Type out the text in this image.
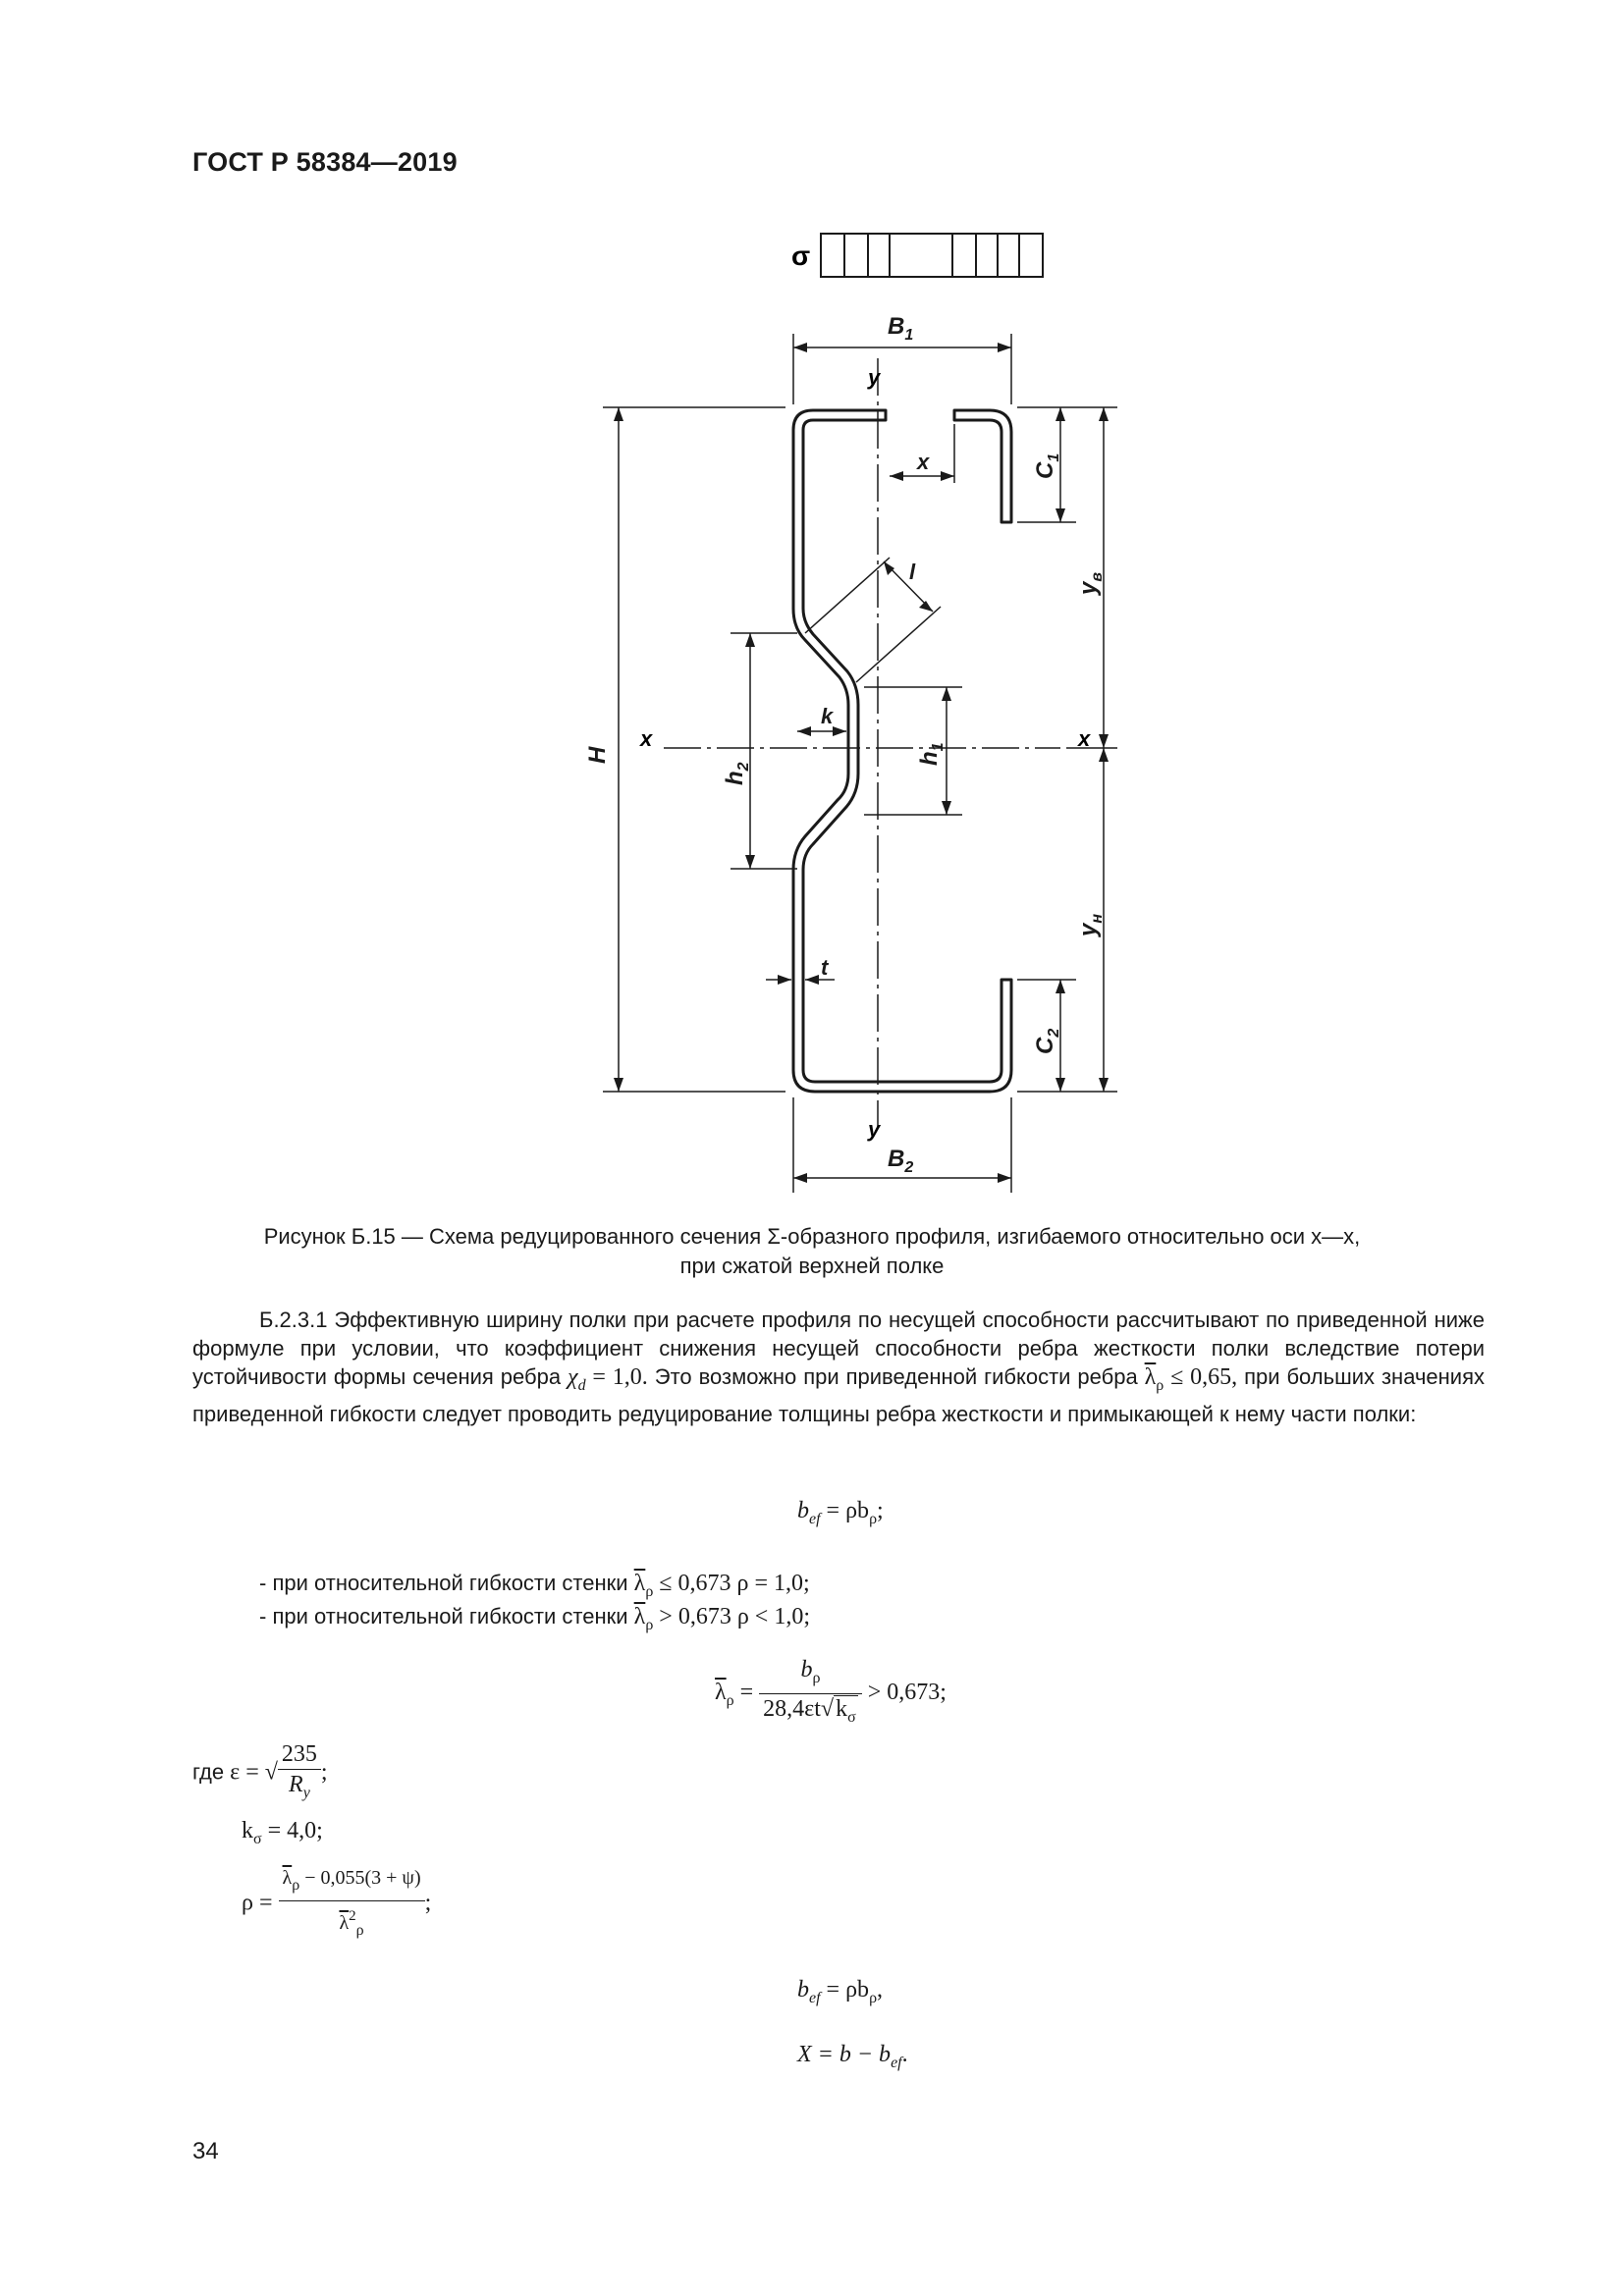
ГОСТ Р 58384—2019
σ
y
y
x	x
$B_1$
$B_2$
x
k
t
l
H
$C_1$
$C_2$
$y_в$
$y_н$
$h_1$
$h_2$
Рисунок Б.15 — Схема редуцированного сечения Σ-образного профиля, изгибаемого относительно оси x—x,
при сжатой верхней полке

Б.2.3.1 Эффективную ширину полки при расчете профиля по несущей способности рассчитывают по приведенной ниже формуле при условии, что коэффициент снижения несущей способности ребра жесткости полки вследствие потери устойчивости формы сечения ребра $\chi_d = 1,0$. Это возможно при приведенной гибкости ребра $\overline{\lambda}_\rho \le 0,65$, при больших значениях приведенной гибкости следует проводить редуцирование толщины ребра жесткости и примыкающей к нему части полки:

$b_{ef} = \rho b_\rho$;
- при относительной гибкости стенки $\overline{\lambda}_\rho \le 0,673$ ρ = 1,0;
- при относительной гибкости стенки $\overline{\lambda}_\rho > 0,673$ ρ < 1,0;
$\overline{\lambda}_\rho = \frac{b_\rho}{28,4\varepsilon t√k_\sigma} > 0,673$;
где ε = √ $\frac{235}{R_y}$ ;
$k_\sigma = 4,0$;
$\rho = \frac{\overline{\lambda}_\rho - 0,055(3 + \psi)}{\overline{\lambda}^2_\rho}$ ;
$b_{ef} = \rho b_\rho$,
$X = b - b_{ef}$.
34
